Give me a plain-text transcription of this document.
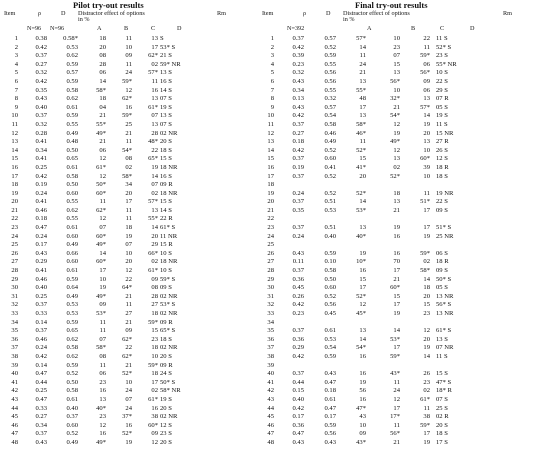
Pilot try-out results
Item	ρ	D Distractor effect of options
in %
Rm
N=96 N=96	A	B	C	D
Final try-out results
Item	ρ	D Distractor effect of options
in %
Rm
N=392	A	B	C	D
1	0.38	0.58*	18	11	13 S
2	0.42	0.53	20	10	17 53* S
3	0.37	0.62	08	09	62* 21 S
4	0.27	0.59	28	11	02 59* NR
5	0.32	0.57	06	24	57* 13 S
6	0.42	0.59	14	59*	11 16 S
7	0.35	0.58	58*	12	16 14 S
8	0.43	0.62	18	62*	13 07 S
9	0.40	0.61	04	16	61* 19 S
10	0.37	0.59	21	59*	07 13 S
11	0.32	0.55	55*	25	13 07 S
12	0.28	0.49	49*	21	28 02 NR
13	0.41	0.48	21	11	48* 20 S
14	0.34	0.50	06	54*	22 18 S
15	0.41	0.65	12	08	65* 15 S
16	0.25	0.61	61*	02	19 18 NR
17	0.42	0.58	12	58*	14 16 S
18	0.19	0.50	50*	34	07 09 R
19	0.24	0.60	60*	20	02 18 NR
20	0.41	0.55	11	17	57* 15 S
21	0.46	0.62	62*	11	13 14 S
22	0.18	0.55	12	11	55* 22 R
23	0.47	0.61	07	18	14 61* S
24	0.24	0.60	60*	19	20 11 NR
25	0.17	0.49	49*	07	29 15 R
26	0.43	0.66	14	10	66* 10 S
27	0.29	0.60	60*	20	02 18 NR
28	0.41	0.61	17	12	61* 10 S
29	0.46	0.59	10	22	09 59* S
30	0.40	0.64	19	64*	08 09 S
31	0.25	0.49	49*	21	28 02 NR
32	0.37	0.53	09	11	27 53* S
33	0.33	0.53	53*	27	18 02 NR
34	0.14	0.59	11	21	59* 09 R
35	0.37	0.65	11	09	15 65* S
36	0.46	0.62	07	62*	23 18 S
37	0.24	0.58	58*	22	18 02 NR
38	0.42	0.62	08	62*	10 20 S
39	0.14	0.59	11	21	59* 09 R
40	0.47	0.52	06	52*	18 24 S
41	0.44	0.50	23	10	17 50* S
42	0.25	0.58	16	24	02 58* NR
43	0.47	0.61	13	07	61* 19 S
44	0.33	0.40	40*	24	16 20 S
45	0.27	0.37	23	37*	38 02 NR
46	0.34	0.60	12	16	60* 12 S
47	0.37	0.52	16	52*	09 23 S
48	0.43	0.49	49*	19	12 20 S
1	0.37	0.57	57*	10	22 11 S
2	0.42	0.52	14	23	11 52* S
3	0.39	0.59	11	07	59* 23 S
4	0.23	0.55	24	15	06 55* NR
5	0.32	0.56	21	13	56* 10 S
6	0.43	0.56	13	56*	09 22 S
7	0.34	0.55	55*	10	06 29 S
8	0.13	0.32	48	32*	13 07 R
9	0.43	0.57	17	21	57* 05 S
10	0.42	0.54	13	54*	14 19 S
11	0.37	0.58	58*	12	19 11 S
12	0.27	0.46	46*	19	20 15 NR
13	0.18	0.49	11	49*	13 27 R
14	0.42	0.52	52*	12	10 26 S
15	0.37	0.60	15	13	60* 12 S
16	0.19	0.41	41*	02	39 18 R
17	0.37	0.52	20	52*	10 18 S
18
19	0.24	0.52	52*	18	11 19 NR
20	0.37	0.51	14	13	51* 22 S
21	0.35	0.53	53*	21	17 09 S
22
23	0.37	0.51	13	19	17 51* S
24	0.24	0.40	40*	16	19 25 NR
25
26	0.43	0.59	19	16	59* 06 S
27	0.11	0.10	10*	70	02 18 R
28	0.37	0.58	16	17	58* 09 S
29	0.36	0.50	15	21	14 50* S
30	0.45	0.60	17	60*	18 05 S
31	0.26	0.52	52*	15	20 13 NR
32	0.42	0.56	12	17	15 56* S
33	0.23	0.45	45*	19	23 13 NR
34
35	0.37	0.61	13	14	12 61* S
36	0.36	0.53	14	53*	20 13 S
37	0.29	0.54	54*	17	19 07 NR
38	0.42	0.59	16	59*	14 11 S
39
40	0.37	0.43	16	43*	26 15 S
41	0.44	0.47	19	11	23 47* S
42	0.15	0.18	56	24	02 18* R
43	0.40	0.61	16	12	61* 07 S
44	0.42	0.47	47*	17	11 25 S
45	0.17	0.17	43	17*	38 02 R
46	0.36	0.59	10	11	59* 20 S
47	0.47	0.56	09	56*	17 18 S
48	0.43	0.43	43*	21	19 17 S
